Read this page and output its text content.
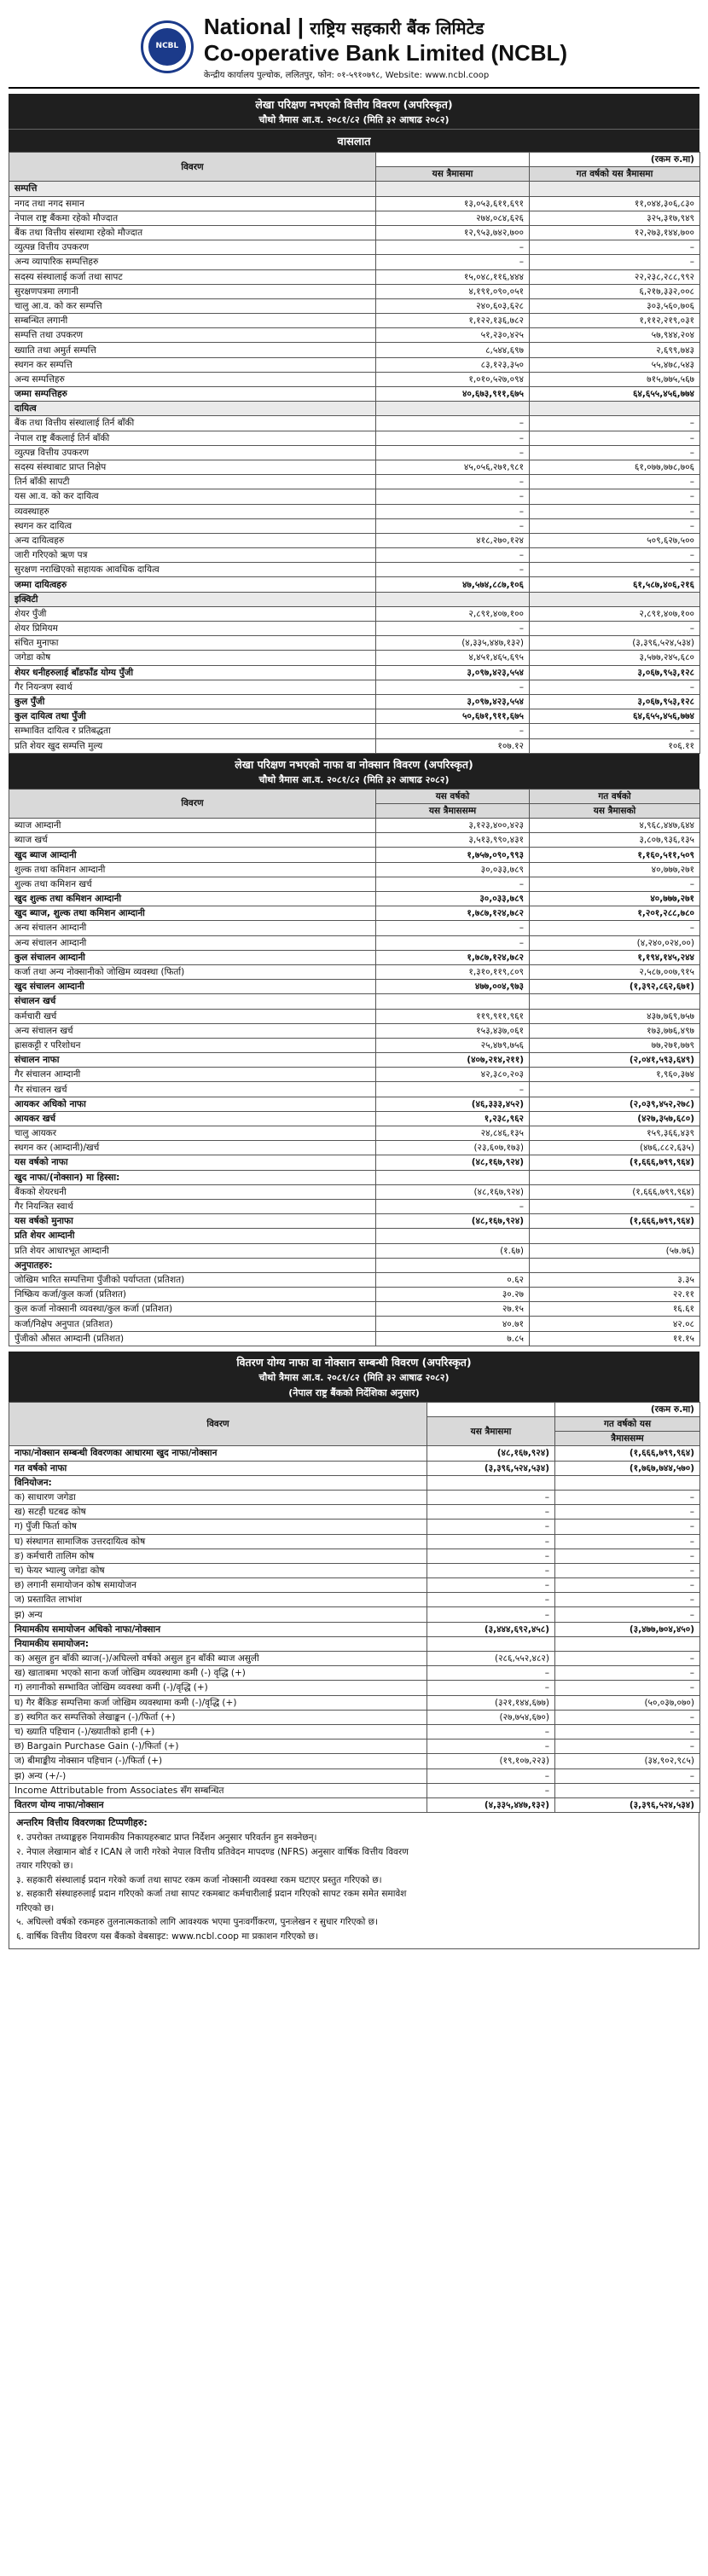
NCBL
National | राष्ट्रिय सहकारी बैंक लिमिटेड
Co-operative Bank Limited (NCBL)
केन्द्रीय कार्यालय पुल्चोक, ललितपुर, फोन: ०१-५९१०७९८, Website: www.ncbl.coop
लेखा परिक्षण नभएको वित्तीय विवरण (अपरिस्कृत)
चौथो त्रैमास आ.व. २०८१/८२ (मिति ३२ आषाढ २०८२)
वासलात
विवरण		(रकम रु.मा)
	यस त्रैमासमा	गत वर्षको यस त्रैमासमा
सम्पत्ति		
नगद तथा नगद समान	१३,०५३,६११,६९१	११,०४४,३०६,८३०
नेपाल राष्ट्र बैंकमा रहेको मौज्दात	२७४,०८४,६२६	३२५,३१७,९४९
बैंक तथा वित्तीय संस्थामा रहेको मौज्दात	१२,९५३,७४२,७००	१२,२७३,१४४,७००
व्युत्पन्न वित्तीय उपकरण	–	–
अन्य व्यापारिक सम्पत्तिहरु	–	–
सदस्य संस्थालाई कर्जा तथा सापट	१५,०४८,११६,४४४	२२,२३८,२८८,९९२
सुरक्षणपत्रमा लगानी	४,१९१,०९०,०५१	६,२१७,३३२,००८
चालु आ.व. को कर सम्पत्ति	२४०,६०३,६२८	३०३,५६०,७०६
सम्बन्धित लगानी	१,१२२,१३६,७८२	१,११२,२१९,०३१
सम्पत्ति तथा उपकरण	५१,२३०,४२५	५७,९४४,२०४
ख्याति तथा अमुर्त सम्पत्ति	८,५४४,६९७	२,६९९,७४३
स्थगन कर सम्पत्ति	८३,१२३,३५०	५५,४७८,५४३
अन्य सम्पत्तिहरु	१,०१०,५२७,०९४	७१५,७७५,५६७
जम्मा सम्पत्तिहरु	४०,६७३,९११,६७५	६४,६५५,४५६,७७४
दायित्व		
बैंक तथा वित्तीय संस्थालाई तिर्न बाँकी	–	–
नेपाल राष्ट्र बैंकलाई तिर्न बाँकी	–	–
व्युत्पन्न वित्तीय उपकरण	–	–
सदस्य संस्थाबाट प्राप्त निक्षेप	४५,०५६,२७१,९८१	६१,०७७,७७८,७०६
तिर्न बाँकी सापटी	–	–
यस आ.व. को कर दायित्व	–	–
व्यवस्थाहरु	–	–
स्थगन कर दायित्व	–	–
अन्य दायित्वहरु	४१८,२७०,१२४	५०९,६२७,५००
जारी गरिएको ऋण पत्र	–	–
सुरक्षण नराखिएको सहायक आवधिक दायित्व	–	–
जम्मा दायित्वहरु	४७,५७४,८८७,१०६	६१,५८७,४०६,२१६
इक्विटी		
शेयर पुँजी	२,८९१,४०७,१००	२,८९१,४०७,१००
शेयर प्रिमियम	–	–
संचित मुनाफा	(४,३३५,४४७,१३२)	(३,३९६,५२४,५३४)
जगेडा कोष	४,४५१,४६५,६९५	३,५७७,२४५,६८०
शेयर धनीहरुलाई बाँडफाँड योग्य पुँजी	३,०९७,४२३,५५४	३,०६७,९५३,१२८
गैर नियन्त्रण स्वार्थ	–	–
कुल पुँजी	३,०९७,४२३,५५४	३,०६७,९५३,१२८
कुल दायित्व तथा पुँजी	५०,६७१,९११,६७५	६४,६५५,४५६,७७४
सम्भावित दायित्व र प्रतिबद्धता	–	–
प्रति शेयर खुद सम्पत्ति मुल्य	१०७.१२	१०६.११
लेखा परिक्षण नभएको नाफा वा नोक्सान विवरण (अपरिस्कृत)
चौथो त्रैमास आ.व. २०८१/८२ (मिति ३२ आषाढ २०८२)
विवरण	यस वर्षको	गत वर्षको
	यस त्रैमाससम्म	यस त्रैमासको
ब्याज आम्दानी	३,१२३,४००,४२३	४,९६८,४४७,६४४
ब्याज खर्च	३,५१३,९९०,४३१	३,८०७,९३६,१३५
खुद ब्याज आम्दानी	१,७५७,०९०,९९३	१,१६०,५११,५०९
शुल्क तथा कमिशन आम्दानी	३०,०३३,७८९	४०,७७७,२७१
शुल्क तथा कमिशन खर्च	–	–
खुद शुल्क तथा कमिशन आम्दानी	३०,०३३,७८९	४०,७७७,२७१
खुद ब्याज, शुल्क तथा कमिशन आम्दानी	१,७८७,१२४,७८२	१,२०१,२८८,७८०
अन्य संचालन आम्दानी	–	–
अन्य संचालन आम्दानी	–	(४,२४०,०२४,००)
कुल संचालन आम्दानी	१,७८७,१२४,७८२	१,१९४,१४५,२४४
कर्जा तथा अन्य नोक्सानीको जोखिम व्यवस्था (फिर्ता)	१,३१०,११९,८०९	२,५८७,००७,९१५
खुद संचालन आम्दानी	४७७,००४,९७३	(१,३९२,८६२,६७१)
संचालन खर्च		
कर्मचारी खर्च	११९,९११,९६१	४३७,७६९,७५७
अन्य संचालन खर्च	१५३,४३७,०६१	१७३,७७६,४९७
ह्रासकट्टी र परिशोधन	२५,४७९,७५६	७७,२७१,७७९
संचालन नाफा	(४०७,२१४,२११)	(२,०४१,५९३,६४९)
गैर संचालन आम्दानी	४२,३८०,२०३	१,९६०,३७४
गैर संचालन खर्च	–	–
आयकर अधिको नाफा	(४६,३३३,४५२)	(२,०३९,४५२,२७८)
आयकर खर्च	१,२३८,९६२	(४२७,३५७,६८०)
चालु आयकर	२४,८४६,१३५	१५९,३६६,४३९
स्थगन कर (आम्दानी)/खर्च	(२३,६०७,१७३)	(४७६,८८२,६३५)
यस वर्षको नाफा	(४८,१६७,९२४)	(१,६६६,७९९,९६४)
खुद नाफा/(नोक्सान) मा हिस्सा:		
बैंकको शेयरधनी	(४८,१६७,९२४)	(१,६६६,७९९,९६४)
गैर नियन्त्रित स्वार्थ	–	–
यस वर्षको मुनाफा	(४८,१६७,९२४)	(१,६६६,७९९,९६४)
प्रति शेयर आम्दानी		
प्रति शेयर आधारभूत आम्दानी	(१.६७)	(५७.७६)
अनुपातहरु:		
जोखिम भारित सम्पत्तिमा पुँजीको पर्याप्तता (प्रतिशत)	०.६२	३.३५
निष्क्रिय कर्जा/कुल कर्जा (प्रतिशत)	३०.२७	२२.११
कुल कर्जा नोक्सानी व्यवस्था/कुल कर्जा (प्रतिशत)	२७.१५	१६.६१
कर्जा/निक्षेप अनुपात (प्रतिशत)	४०.७१	४२.०८
पुँजीको औसत आम्दानी (प्रतिशत)	७.८५	११.१५
वितरण योग्य नाफा वा नोक्सान सम्बन्धी विवरण (अपरिस्कृत)
चौथो त्रैमास आ.व. २०८१/८२ (मिति ३२ आषाढ २०८२)
(नेपाल राष्ट्र बैंकको निर्देशिका अनुसार)
विवरण		(रकम रु.मा)
	यस त्रैमासमा	गत वर्षको यस
		त्रैमाससम्म
नाफा/नोक्सान सम्बन्धी विवरणका आधारमा खुद नाफा/नोक्सान	(४८,१६७,९२४)	(१,६६६,७९९,९६४)
गत वर्षको नाफा	(३,३९६,५२४,५३४)	(१,७६७,७४४,५७०)
विनियोजन:		
क) साधारण जगेडा	–	–
ख) सटही घटबढ कोष	–	–
ग) पुँजी फिर्ता कोष	–	–
घ) संस्थागत सामाजिक उत्तरदायित्व कोष	–	–
ङ) कर्मचारी तालिम कोष	–	–
च) फेयर भ्याल्यु जगेडा कोष	–	–
छ) लगानी समायोजन कोष समायोजन	–	–
ज) प्रस्तावित लाभांश	–	–
झ) अन्य	–	–
नियामकीय समायोजन अधिको नाफा/नोक्सान	(३,४४४,६९२,४५८)	(३,४७७,७०४,४५०)
नियामकीय समायोजन:		
क) असुल हुन बाँकी ब्याज(-)/अघिल्लो वर्षको असुल हुन बाँकी ब्याज असुली	(२८६,५५२,४८२)	–
ख) खाताबमा भएको साना कर्जा जोखिम व्यवस्थामा कमी (-) वृद्धि (+)	–	–
ग) लगानीको सम्भावित जोखिम व्यवस्था कमी (-)/वृद्धि (+)	–	–
घ) गैर बैंकिङ सम्पत्तिमा कर्जा जोखिम व्यवस्थामा कमी (-)/वृद्धि (+)	(३२१,१४४,६७७)	(५०,०३७,०७०)
ङ) स्थगित कर सम्पत्तिको लेखाङ्कन (-)/फिर्ता (+)	(२७,७५४,६७०)	–
च) ख्याति पहिचान (-)/ख्यातीको हानी (+)	–	–
छ) Bargain Purchase Gain (-)/फिर्ता (+)	–	–
ज) बीमाङ्कीय नोक्सान पहिचान (-)/फिर्ता (+)	(१९,१०७,२२३)	(३४,९०२,९८५)
झ) अन्य (+/-)	–	–
Income Attributable from Associates सँग सम्बन्धित	–	–
वितरण योग्य नाफा/नोक्सान	(४,३३५,४४७,१३२)	(३,३९६,५२४,५३४)
अन्तरिम वित्तीय विवरणका टिप्पणीहरु:
१. उपरोक्त तथ्याङ्कहरु नियामकीय निकायहरुबाट प्राप्त निर्देशन अनुसार परिवर्तन हुन सक्नेछन्।
२. नेपाल लेखामान बोर्ड र ICAN ले जारी गरेको नेपाल वित्तीय प्रतिवेदन मापदण्ड (NFRS) अनुसार वार्षिक वित्तीय विवरण
तयार गरिएको छ।
३. सहकारी संस्थालाई प्रदान गरेको कर्जा तथा सापट रकम कर्जा नोक्सानी व्यवस्था रकम घटाएर प्रस्तुत गरिएको छ।
४. सहकारी संस्थाहरुलाई प्रदान गरिएको कर्जा तथा सापट रकमबाट कर्मचारीलाई प्रदान गरिएको सापट रकम समेत समावेश
गरिएको छ।
५. अघिल्लो वर्षको रकमहरु तुलनात्मकताको लागि आवश्यक भएमा पुनःवर्गीकरण, पुनःलेखन र सुधार गरिएको छ।
६. वार्षिक वित्तीय विवरण यस बैंकको वेबसाइट: www.ncbl.coop मा प्रकाशन गरिएको छ।
